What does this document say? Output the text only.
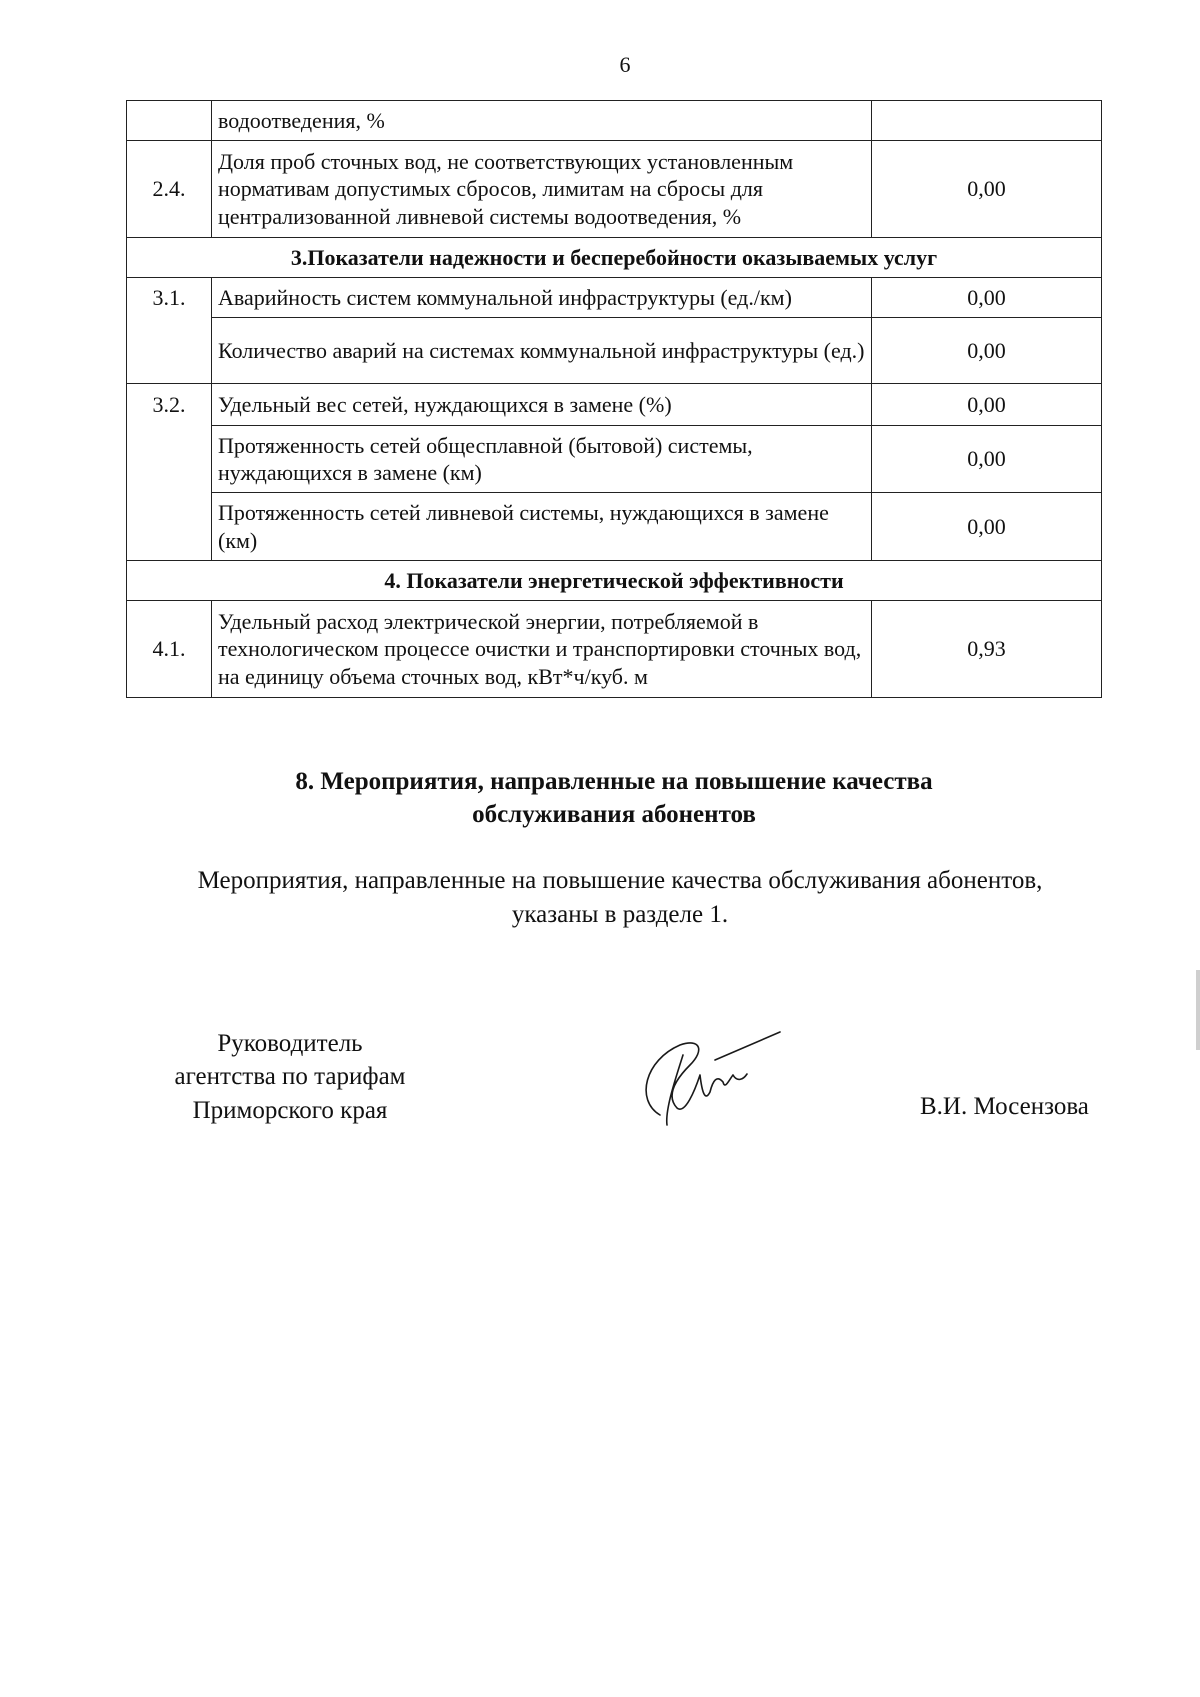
6
	водоотведения, %	
2.4.	Доля проб сточных вод, не соответствующих установленным нормативам допустимых сбросов, лимитам на сбросы для централизованной ливневой системы водоотведения, %	0,00
3.Показатели надежности и бесперебойности оказываемых услуг		
3.1.	Аварийность систем коммунальной инфраструктуры (ед./км)	0,00
	Количество аварий на системах коммунальной инфраструктуры (ед.)	0,00
3.2.	Удельный вес сетей, нуждающихся в замене (%)	0,00
	Протяженность сетей общесплавной (бытовой) системы, нуждающихся в замене (км)	0,00
	Протяженность сетей ливневой системы, нуждающихся в замене (км)	0,00
4. Показатели энергетической эффективности		
4.1.	Удельный расход электрической энергии, потребляемой в технологическом процессе очистки и транспортировки сточных вод, на единицу объема сточных вод, кВт*ч/куб. м	0,93
8. Мероприятия, направленные на повышение качества
обслуживания абонентов
Мероприятия, направленные на повышение качества обслуживания абонентов,
указаны в разделе 1.
Руководитель
агентства по тарифам
Приморского края	В.И. Мосензова
